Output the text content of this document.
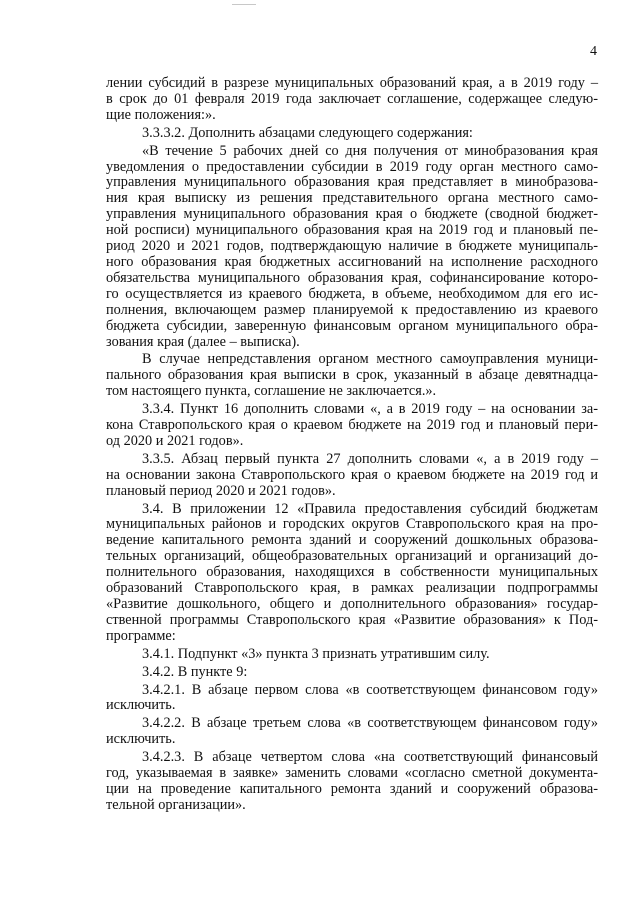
4
лении субсидий в разрезе муниципальных образований края, а в 2019 году –
в срок до 01 февраля 2019 года заключает соглашение, содержащее следую-
щие положения:».
3.3.3.2. Дополнить абзацами следующего содержания:
«В течение 5 рабочих дней со дня получения от минобразования края
уведомления о предоставлении субсидии в 2019 году орган местного само-
управления муниципального образования края представляет в минобразова-
ния края выписку из решения представительного органа местного само-
управления муниципального образования края о бюджете (сводной бюджет-
ной росписи) муниципального образования края на 2019 год и плановый пе-
риод 2020 и 2021 годов, подтверждающую наличие в бюджете муниципаль-
ного образования края бюджетных ассигнований на исполнение расходного
обязательства муниципального образования края, софинансирование которо-
го осуществляется из краевого бюджета, в объеме, необходимом для его ис-
полнения, включающем размер планируемой к предоставлению из краевого
бюджета субсидии, заверенную финансовым органом муниципального обра-
зования края (далее – выписка).
В случае непредставления органом местного самоуправления муници-
пального образования края выписки в срок, указанный в абзаце девятнадца-
том настоящего пункта, соглашение не заключается.».
3.3.4. Пункт 16 дополнить словами «, а в 2019 году – на основании за-
кона Ставропольского края о краевом бюджете на 2019 год и плановый пери-
од 2020 и 2021 годов».
3.3.5. Абзац первый пункта 27 дополнить словами «, а в 2019 году –
на основании закона Ставропольского края о краевом бюджете на 2019 год и
плановый период 2020 и 2021 годов».
3.4. В приложении 12 «Правила предоставления субсидий бюджетам
муниципальных районов и городских округов Ставропольского края на про-
ведение капитального ремонта зданий и сооружений дошкольных образова-
тельных организаций, общеобразовательных организаций и организаций до-
полнительного образования, находящихся в собственности муниципальных
образований Ставропольского края, в рамках реализации подпрограммы
«Развитие дошкольного, общего и дополнительного образования» государ-
ственной программы Ставропольского края «Развитие образования» к Под-
программе:
3.4.1. Подпункт «3» пункта 3 признать утратившим силу.
3.4.2. В пункте 9:
3.4.2.1. В абзаце первом слова «в соответствующем финансовом году»
исключить.
3.4.2.2. В абзаце третьем слова «в соответствующем финансовом году»
исключить.
3.4.2.3. В абзаце четвертом слова «на соответствующий финансовый
год, указываемая в заявке» заменить словами «согласно сметной документа-
ции на проведение капитального ремонта зданий и сооружений образова-
тельной организации».
